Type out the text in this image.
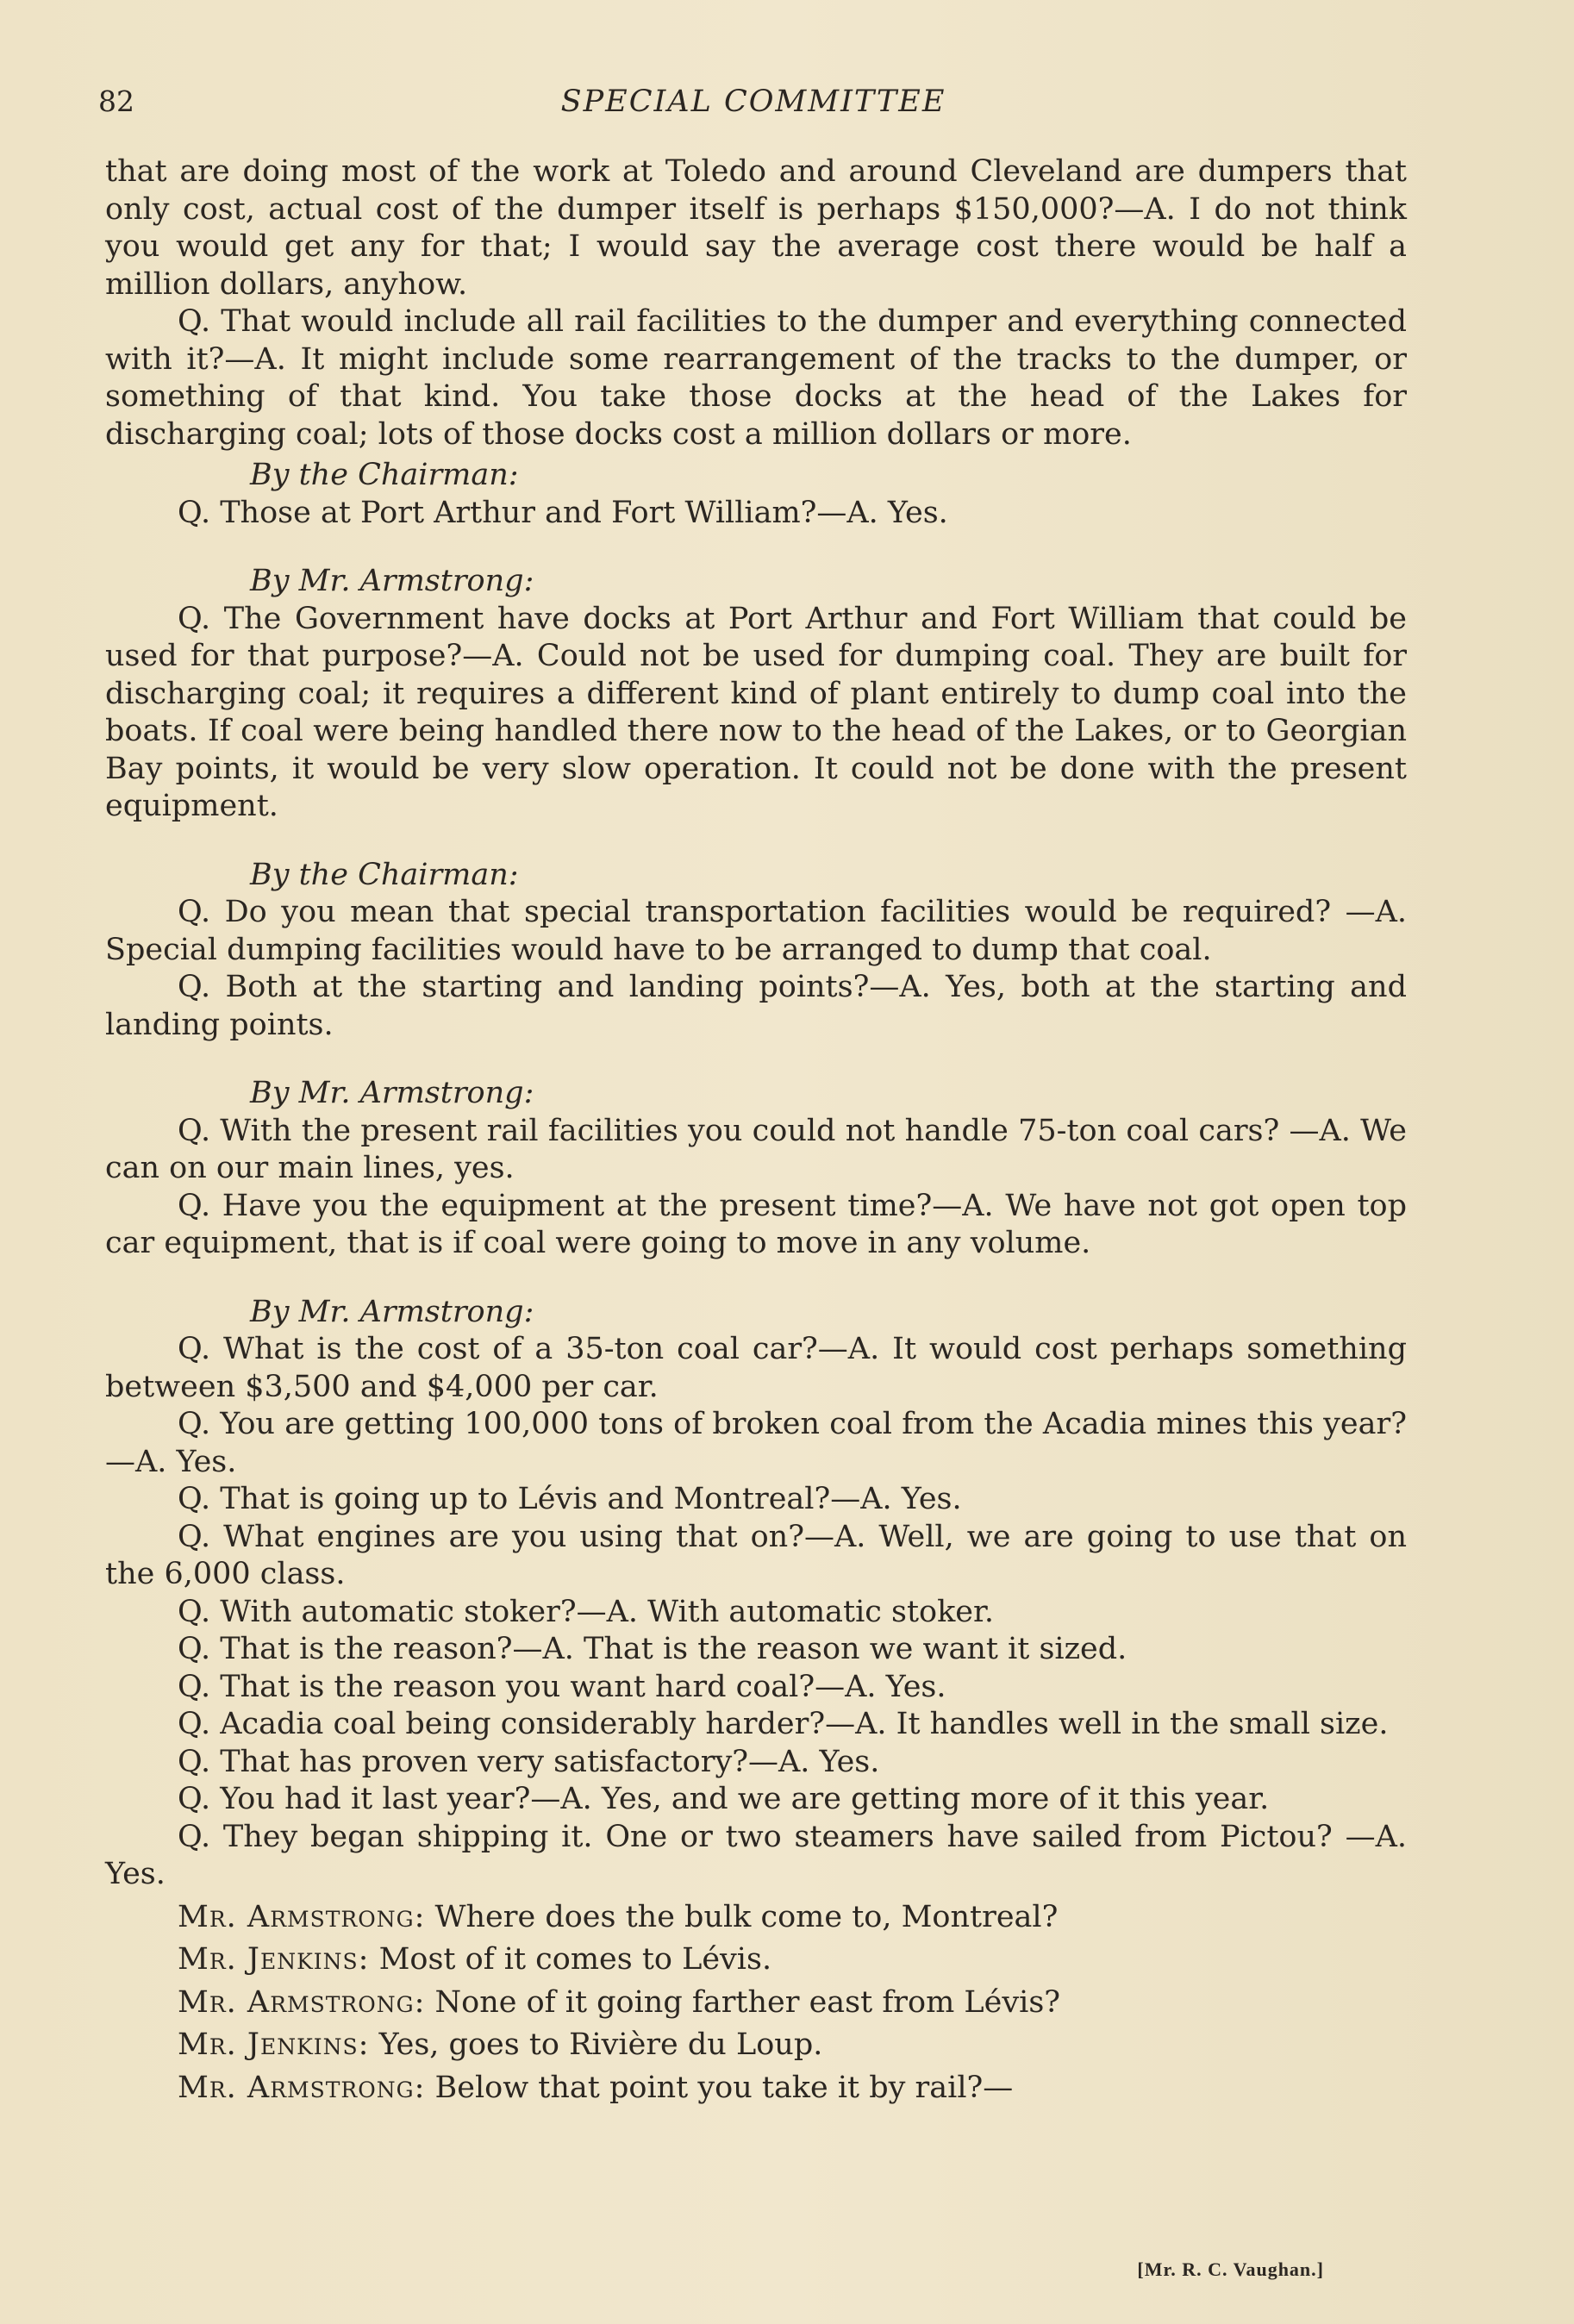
82	SPECIAL COMMITTEE

that are doing most of the work at Toledo and around Cleveland are dumpers that only cost, actual cost of the dumper itself is perhaps $150,000?—A. I do not think you would get any for that; I would say the average cost there would be half a million dollars, anyhow.

Q. That would include all rail facilities to the dumper and everything connected with it?—A. It might include some rearrangement of the tracks to the dumper, or something of that kind. You take those docks at the head of the Lakes for discharging coal; lots of those docks cost a million dollars or more.

By the Chairman:

Q. Those at Port Arthur and Fort William?—A. Yes.

By Mr. Armstrong:

Q. The Government have docks at Port Arthur and Fort William that could be used for that purpose?—A. Could not be used for dumping coal. They are built for discharging coal; it requires a different kind of plant entirely to dump coal into the boats. If coal were being handled there now to the head of the Lakes, or to Georgian Bay points, it would be very slow operation. It could not be done with the present equipment.

By the Chairman:

Q. Do you mean that special transportation facilities would be required? —A. Special dumping facilities would have to be arranged to dump that coal.

Q. Both at the starting and landing points?—A. Yes, both at the starting and landing points.

By Mr. Armstrong:

Q. With the present rail facilities you could not handle 75-ton coal cars? —A. We can on our main lines, yes.

Q. Have you the equipment at the present time?—A. We have not got open top car equipment, that is if coal were going to move in any volume.

By Mr. Armstrong:

Q. What is the cost of a 35-ton coal car?—A. It would cost perhaps something between $3,500 and $4,000 per car.

Q. You are getting 100,000 tons of broken coal from the Acadia mines this year?—A. Yes.

Q. That is going up to Lévis and Montreal?—A. Yes.

Q. What engines are you using that on?—A. Well, we are going to use that on the 6,000 class.

Q. With automatic stoker?—A. With automatic stoker.

Q. That is the reason?—A. That is the reason we want it sized.

Q. That is the reason you want hard coal?—A. Yes.

Q. Acadia coal being considerably harder?—A. It handles well in the small size.

Q. That has proven very satisfactory?—A. Yes.

Q. You had it last year?—A. Yes, and we are getting more of it this year.

Q. They began shipping it. One or two steamers have sailed from Pictou? —A. Yes.

Mr. Armstrong: Where does the bulk come to, Montreal?

Mr. Jenkins: Most of it comes to Lévis.

Mr. Armstrong: None of it going farther east from Lévis?

Mr. Jenkins: Yes, goes to Rivière du Loup.

Mr. Armstrong: Below that point you take it by rail?—

[Mr. R. C. Vaughan.]
